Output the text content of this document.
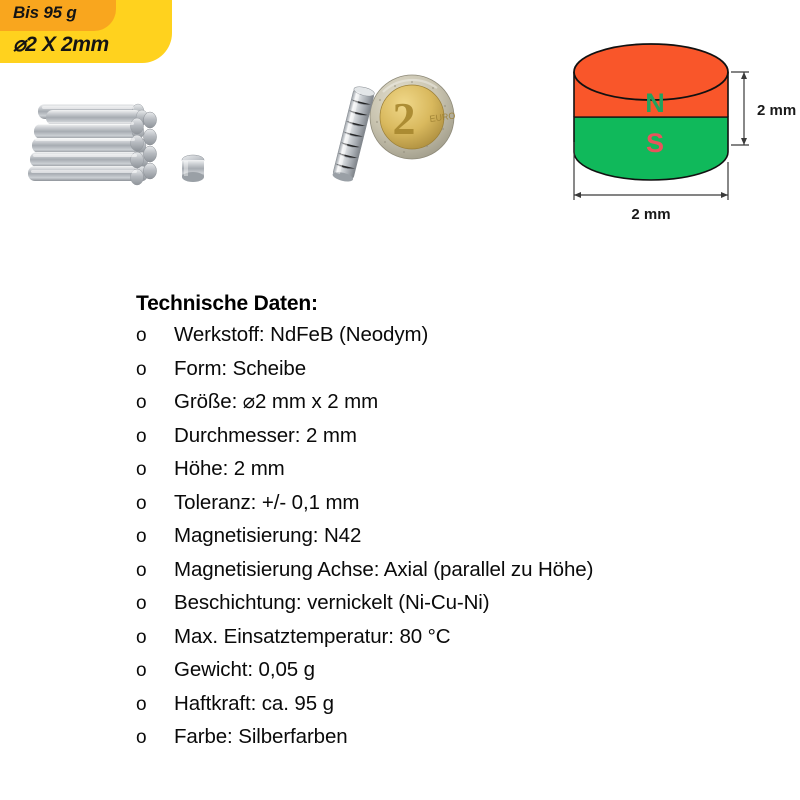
Bis 95 g
⌀2 X 2mm
2 EURO	N
S
2 mm
2 mm
Technische Daten:
o	Werkstoff: NdFeB (Neodym)
o	Form: Scheibe
o	Größe: ⌀2 mm x 2 mm
o	Durchmesser: 2 mm
o	Höhe: 2 mm
o	Toleranz: +/- 0,1 mm
o	Magnetisierung: N42
o	Magnetisierung Achse: Axial (parallel zu Höhe)
o	Beschichtung: vernickelt (Ni-Cu-Ni)
o	Max. Einsatztemperatur: 80 °C
o	Gewicht: 0,05 g
o	Haftkraft: ca. 95 g
o	Farbe: Silberfarben
